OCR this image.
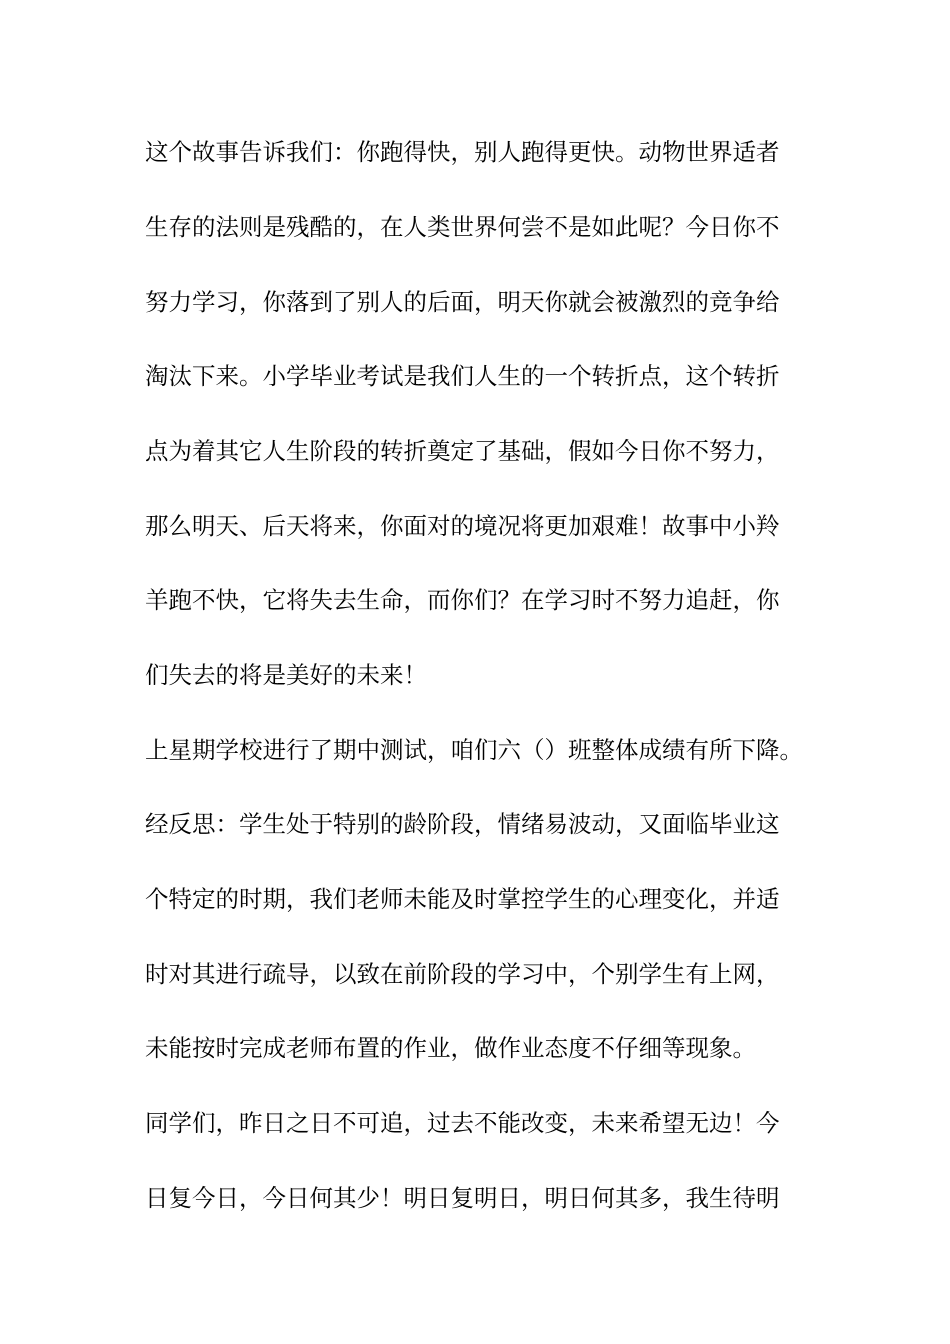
这个故事告诉我们：你跑得快，别人跑得更快。动物世界适者

生存的法则是残酷的，在人类世界何尝不是如此呢？今日你不

努力学习，你落到了别人的后面，明天你就会被激烈的竞争给

淘汰下来。小学毕业考试是我们人生的一个转折点，这个转折

点为着其它人生阶段的转折奠定了基础，假如今日你不努力，

那么明天、后天将来，你面对的境况将更加艰难！故事中小羚

羊跑不快，它将失去生命，而你们？在学习时不努力追赶，你

们失去的将是美好的未来！

上星期学校进行了期中测试，咱们六（）班整体成绩有所下降。

经反思：学生处于特别的龄阶段，情绪易波动，又面临毕业这

个特定的时期，我们老师未能及时掌控学生的心理变化，并适

时对其进行疏导，以致在前阶段的学习中，个别学生有上网，

未能按时完成老师布置的作业，做作业态度不仔细等现象。

同学们，昨日之日不可追，过去不能改变，未来希望无边！今

日复今日，今日何其少！明日复明日，明日何其多，我生待明
